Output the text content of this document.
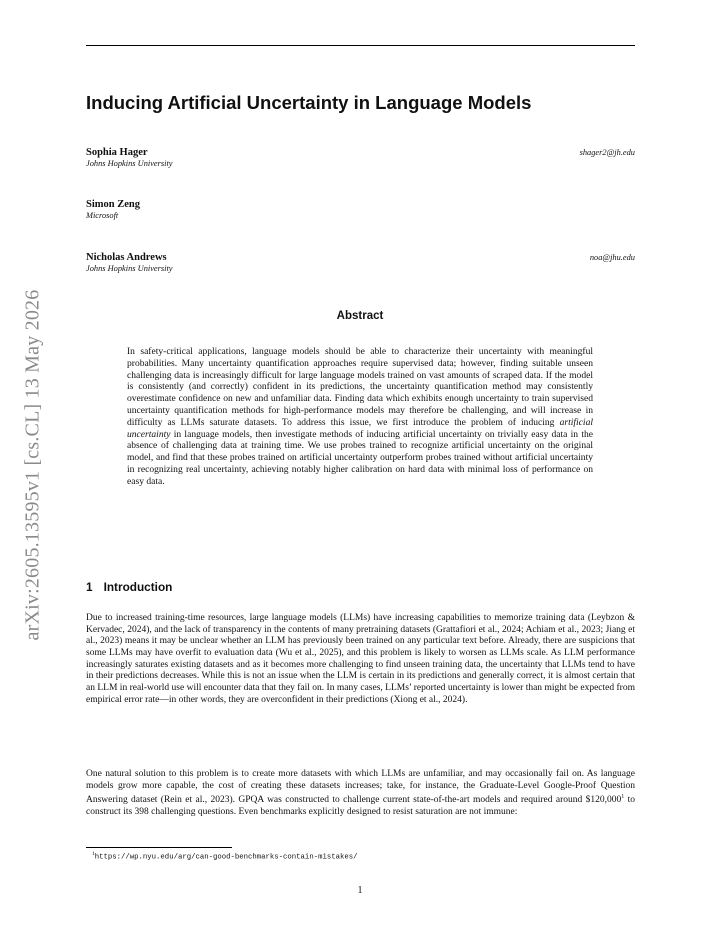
arXiv:2605.13595v1 [cs.CL] 13 May 2026
Inducing Artificial Uncertainty in Language Models
Sophia Hager
Johns Hopkins University
shager2@jh.edu
Simon Zeng
Microsoft
Nicholas Andrews
Johns Hopkins University
noa@jhu.edu
Abstract
In safety-critical applications, language models should be able to characterize their uncertainty with meaningful probabilities. Many uncertainty quantification approaches require supervised data; however, finding suitable unseen challenging data is increasingly difficult for large language models trained on vast amounts of scraped data. If the model is consistently (and correctly) confident in its predictions, the uncertainty quantification method may consistently overestimate confidence on new and unfamiliar data. Finding data which exhibits enough uncertainty to train supervised uncertainty quantification methods for high-performance models may therefore be challenging, and will increase in difficulty as LLMs saturate datasets. To address this issue, we first introduce the problem of inducing artificial uncertainty in language models, then investigate methods of inducing artificial uncertainty on trivially easy data in the absence of challenging data at training time. We use probes trained to recognize artificial uncertainty on the original model, and find that these probes trained on artificial uncertainty outperform probes trained without artificial uncertainty in recognizing real uncertainty, achieving notably higher calibration on hard data with minimal loss of performance on easy data.
1 Introduction
Due to increased training-time resources, large language models (LLMs) have increasing capabilities to memorize training data (Leybzon & Kervadec, 2024), and the lack of transparency in the contents of many pretraining datasets (Grattafiori et al., 2024; Achiam et al., 2023; Jiang et al., 2023) means it may be unclear whether an LLM has previously been trained on any particular text before. Already, there are suspicions that some LLMs may have overfit to evaluation data (Wu et al., 2025), and this problem is likely to worsen as LLMs scale. As LLM performance increasingly saturates existing datasets and as it becomes more challenging to find unseen training data, the uncertainty that LLMs tend to have in their predictions decreases. While this is not an issue when the LLM is certain in its predictions and generally correct, it is almost certain that an LLM in real-world use will encounter data that they fail on. In many cases, LLMs’ reported uncertainty is lower than might be expected from empirical error rate—in other words, they are overconfident in their predictions (Xiong et al., 2024).
One natural solution to this problem is to create more datasets with which LLMs are unfamiliar, and may occasionally fail on. As language models grow more capable, the cost of creating these datasets increases; take, for instance, the Graduate-Level Google-Proof Question Answering dataset (Rein et al., 2023). GPQA was constructed to challenge current state-of-the-art models and required around $120,000$^1$ to construct its 398 challenging questions. Even benchmarks explicitly designed to resist saturation are not immune:
$^1$https://wp.nyu.edu/arg/can-good-benchmarks-contain-mistakes/
1
